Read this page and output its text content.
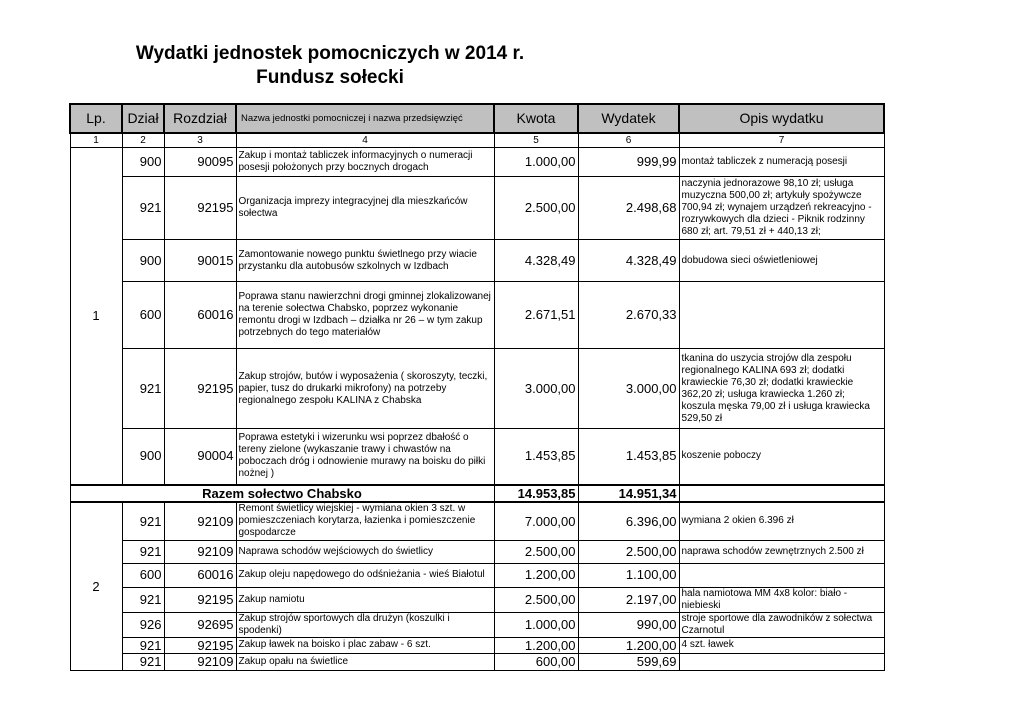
Wydatki jednostek pomocniczych w 2014 r.
Fundusz sołecki
Lp.	Dział	Rozdział	Nazwa jednostki pomocniczej i nazwa przedsięwzięć	Kwota	Wydatek	Opis wydatku
1	2	3	4	5	6	7
1	900	90095	Zakup i montaż tabliczek informacyjnych o numeracji posesji położonych przy bocznych drogach	1.000,00	999,99	montaż tabliczek z numeracją posesji
	921	92195	Organizacja imprezy integracyjnej dla mieszkańców sołectwa	2.500,00	2.498,68	naczynia jednorazowe 98,10 zł; usługa muzyczna 500,00 zł; artykuły spożywcze 700,94 zł; wynajem urządzeń rekreacyjno - rozrywkowych dla dzieci - Piknik rodzinny 680 zł; art. 79,51 zł + 440,13 zł;
	900	90015	Zamontowanie nowego punktu świetlnego przy wiacie przystanku dla autobusów szkolnych w Izdbach	4.328,49	4.328,49	dobudowa sieci oświetleniowej
	600	60016	Poprawa stanu nawierzchni drogi gminnej zlokalizowanej na terenie sołectwa Chabsko, poprzez wykonanie remontu drogi w Izdbach – działka nr 26 – w tym zakup potrzebnych do tego materiałów	2.671,51	2.670,33	
	921	92195	Zakup strojów, butów i wyposażenia ( skoroszyty, teczki, papier, tusz do drukarki mikrofony) na potrzeby regionalnego zespołu KALINA z Chabska	3.000,00	3.000,00	tkanina do uszycia strojów dla zespołu regionalnego KALINA 693 zł; dodatki krawieckie 76,30 zł; dodatki krawieckie 362,20 zł; usługa krawiecka 1.260 zł; koszula męska 79,00 zł i usługa krawiecka 529,50 zł
	900	90004	Poprawa estetyki i wizerunku wsi poprzez dbałość o tereny zielone (wykaszanie trawy i chwastów na poboczach dróg i odnowienie murawy na boisku do piłki nożnej )	1.453,85	1.453,85	koszenie poboczy
Razem sołectwo Chabsko				14.953,85	14.951,34	
2	921	92109	Remont świetlicy wiejskiej - wymiana okien 3 szt. w pomieszczeniach korytarza, łazienka i pomieszczenie gospodarcze	7.000,00	6.396,00	wymiana 2 okien 6.396 zł
	921	92109	Naprawa schodów wejściowych do świetlicy	2.500,00	2.500,00	naprawa schodów zewnętrznych 2.500 zł
	600	60016	Zakup oleju napędowego do odśnieżania - wieś Białotul	1.200,00	1.100,00	
	921	92195	Zakup namiotu	2.500,00	2.197,00	hala namiotowa MM 4x8 kolor: biało - niebieski
	926	92695	Zakup strojów sportowych dla drużyn (koszulki i spodenki)	1.000,00	990,00	stroje sportowe dla zawodników z sołectwa Czarnotul
	921	92195	Zakup ławek na boisko i plac zabaw - 6 szt.	1.200,00	1.200,00	4 szt. ławek
	921	92109	Zakup opału na świetlice	600,00	599,69	
